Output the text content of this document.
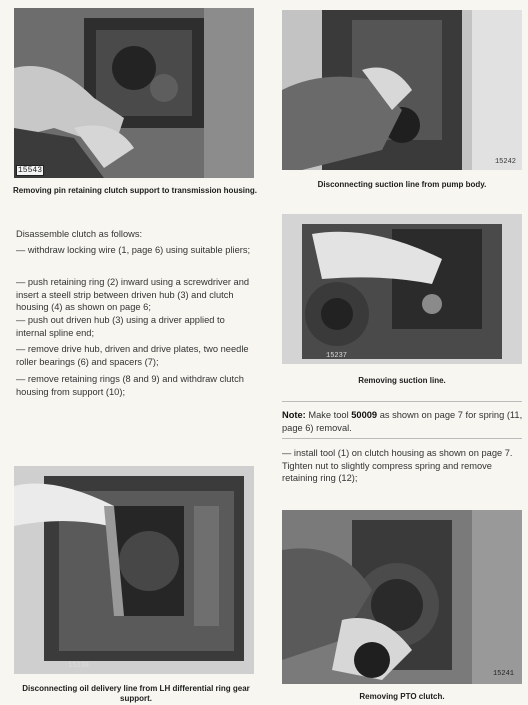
15543
Removing pin retaining clutch support to transmission housing.
15242
Disconnecting suction line from pump body.
Disassemble clutch as follows:
— withdraw locking wire (1, page 6) using suitable pliers;
— push retaining ring (2) inward using a screwdriver and insert a steell strip between driven hub (3) and clutch housing (4) as shown on page 6;
— push out driven hub (3) using a driver applied to internal spline end;
— remove drive hub, driven and drive plates, two needle roller bearings (6) and spacers (7);
— remove retaining rings (8 and 9) and withdraw clutch housing from support (10);
15237
Removing suction line.
Note: Make tool 50009 as shown on page 7 for spring (11, page 6) removal.
— install tool (1) on clutch housing as shown on page 7. Tighten nut to slightly compress spring and remove retaining ring (12);
15238
Disconnecting oil delivery line from LH differential ring gear support.
15241
Removing PTO clutch.
